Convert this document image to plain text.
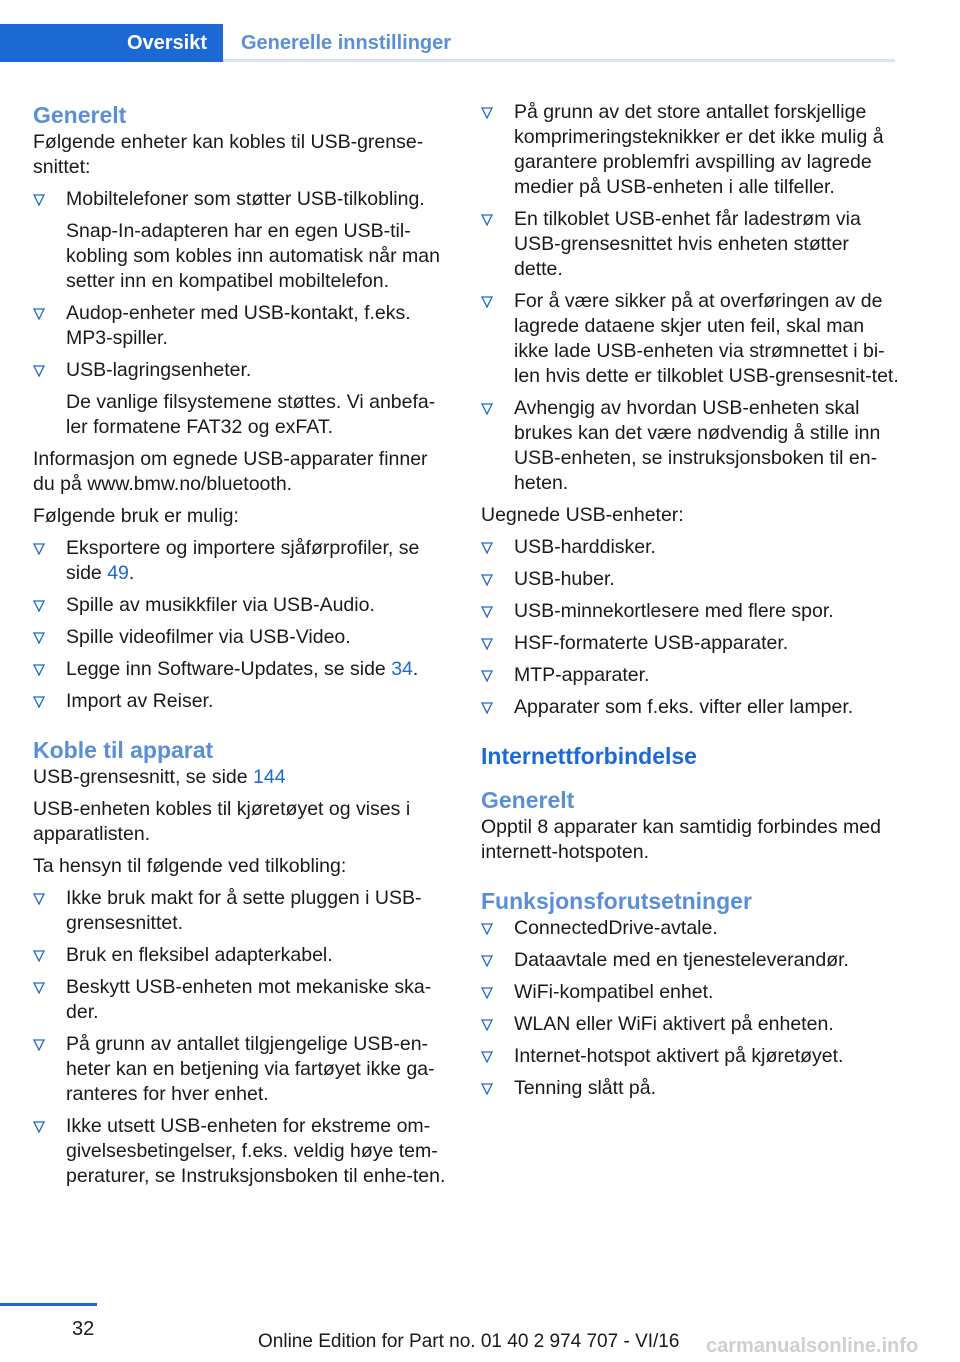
Oversikt	Generelle innstillinger
Generelt

Følgende enheter kan kobles til USB-grense-snittet:

Mobiltelefoner som støtter USB-tilkobling.
Snap-In-adapteren har en egen USB-til-kobling som kobles inn automatisk når man setter inn en kompatibel mobiltelefon.
Audop-enheter med USB-kontakt, f.eks. MP3-spiller.
USB-lagringsenheter.
De vanlige filsystemene støttes. Vi anbefa-ler formatene FAT32 og exFAT.

Informasjon om egnede USB-apparater finner du på www.bmw.no/bluetooth.

Følgende bruk er mulig:

Eksportere og importere sjåførprofiler, se side 49.
Spille av musikkfiler via USB-Audio.
Spille videofilmer via USB-Video.
Legge inn Software-Updates, se side 34.
Import av Reiser.
Koble til apparat

USB-grensesnitt, se side 144

USB-enheten kobles til kjøretøyet og vises i apparatlisten.

Ta hensyn til følgende ved tilkobling:

Ikke bruk makt for å sette pluggen i USB-grensesnittet.
Bruk en fleksibel adapterkabel.
Beskytt USB-enheten mot mekaniske ska-der.
På grunn av antallet tilgjengelige USB-en-heter kan en betjening via fartøyet ikke ga-ranteres for hver enhet.
Ikke utsett USB-enheten for ekstreme om-givelsesbetingelser, f.eks. veldig høye tem-peraturer, se Instruksjonsboken til enhe-ten.
På grunn av det store antallet forskjellige komprimeringsteknikker er det ikke mulig å garantere problemfri avspilling av lagrede medier på USB-enheten i alle tilfeller.
En tilkoblet USB-enhet får ladestrøm via USB-grensesnittet hvis enheten støtter dette.
For å være sikker på at overføringen av de lagrede dataene skjer uten feil, skal man ikke lade USB-enheten via strømnettet i bi-len hvis dette er tilkoblet USB-grensesnit-tet.
Avhengig av hvordan USB-enheten skal brukes kan det være nødvendig å stille inn USB-enheten, se instruksjonsboken til en-heten.

Uegnede USB-enheter:

USB-harddisker.
USB-huber.
USB-minnekortlesere med flere spor.
HSF-formaterte USB-apparater.
MTP-apparater.
Apparater som f.eks. vifter eller lamper.
Internettforbindelse
Generelt

Opptil 8 apparater kan samtidig forbindes med internett-hotspoten.

Funksjonsforutsetninger
ConnectedDrive-avtale.
Dataavtale med en tjenesteleverandør.
WiFi-kompatibel enhet.
WLAN eller WiFi aktivert på enheten.
Internet-hotspot aktivert på kjøretøyet.
Tenning slått på.
32
Online Edition for Part no. 01 40 2 974 707 - VI/16 carmanualsonline.info
